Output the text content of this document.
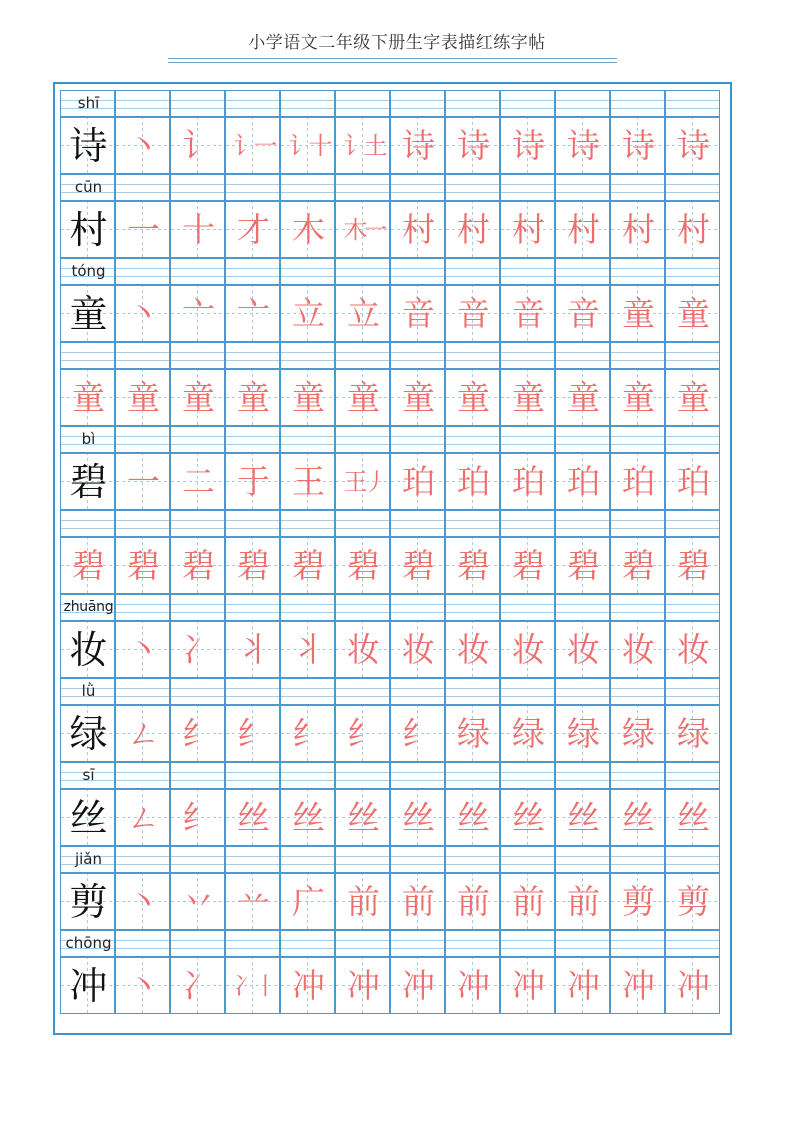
小学语文二年级下册生字表描红练字帖
shī
诗 丶 讠 讠一 讠十 讠土 诗 诗 诗 诗 诗 诗
cūn
村 一 十 才 木 木一 村 村 村 村 村 村
tóng
童 丶 亠 亠 立 立 音 音 音 音 童 童
童 童 童 童 童 童 童 童 童 童 童 童
bì
碧 一 二 于 王 王丿 珀 珀 珀 珀 珀 珀
碧 碧 碧 碧 碧 碧 碧 碧 碧 碧 碧 碧
zhuāng
妆 丶 冫 丬 丬 妆 妆 妆 妆 妆 妆 妆
lǜ
绿 ㄥ 纟 纟 纟 纟 纟 绿 绿 绿 绿 绿
sī
丝 ㄥ 纟 丝 丝 丝 丝 丝 丝 丝 丝 丝
jiǎn
剪 丶 丷 䒑 广 前 前 前 前 前 剪 剪
chōng
冲 丶 冫 冫丨 冲 冲 冲 冲 冲 冲 冲 冲
